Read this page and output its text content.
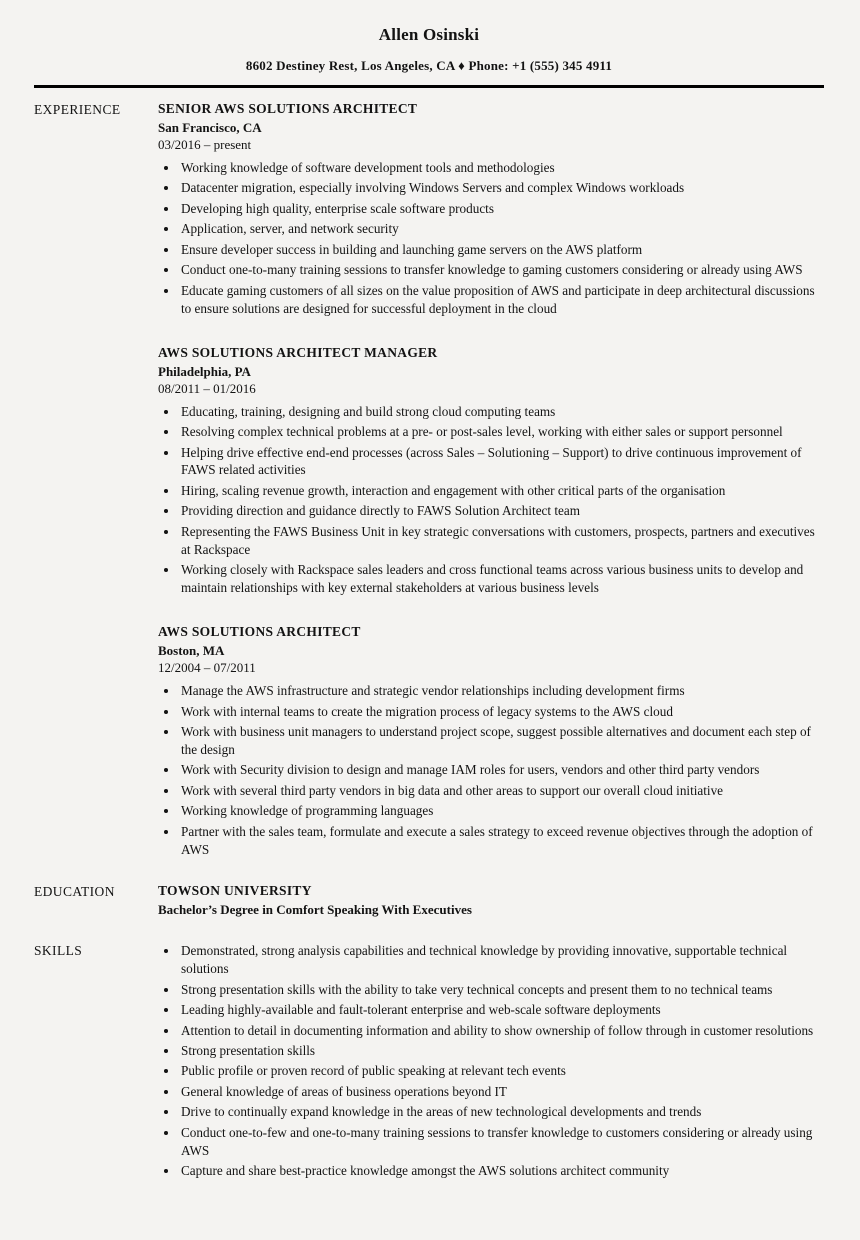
Allen Osinski
8602 Destiney Rest, Los Angeles, CA ♦ Phone: +1 (555) 345 4911
EXPERIENCE	SENIOR AWS SOLUTIONS ARCHITECT
San Francisco, CA
03/2016 – present
• Working knowledge of software development tools and methodologies
• Datacenter migration, especially involving Windows Servers and complex Windows workloads
• Developing high quality, enterprise scale software products
• Application, server, and network security
• Ensure developer success in building and launching game servers on the AWS platform
• Conduct one-to-many training sessions to transfer knowledge to gaming customers considering or already using AWS
• Educate gaming customers of all sizes on the value proposition of AWS and participate in deep architectural discussions to ensure solutions are designed for successful deployment in the cloud
AWS SOLUTIONS ARCHITECT MANAGER
Philadelphia, PA
08/2011 – 01/2016
• Educating, training, designing and build strong cloud computing teams
• Resolving complex technical problems at a pre- or post-sales level, working with either sales or support personnel
• Helping drive effective end-end processes (across Sales – Solutioning – Support) to drive continuous improvement of FAWS related activities
• Hiring, scaling revenue growth, interaction and engagement with other critical parts of the organisation
• Providing direction and guidance directly to FAWS Solution Architect team
• Representing the FAWS Business Unit in key strategic conversations with customers, prospects, partners and executives at Rackspace
• Working closely with Rackspace sales leaders and cross functional teams across various business units to develop and maintain relationships with key external stakeholders at various business levels
AWS SOLUTIONS ARCHITECT
Boston, MA
12/2004 – 07/2011
• Manage the AWS infrastructure and strategic vendor relationships including development firms
• Work with internal teams to create the migration process of legacy systems to the AWS cloud
• Work with business unit managers to understand project scope, suggest possible alternatives and document each step of the design
• Work with Security division to design and manage IAM roles for users, vendors and other third party vendors
• Work with several third party vendors in big data and other areas to support our overall cloud initiative
• Working knowledge of programming languages
• Partner with the sales team, formulate and execute a sales strategy to exceed revenue objectives through the adoption of AWS
EDUCATION	TOWSON UNIVERSITY
Bachelor’s Degree in Comfort Speaking With Executives
SKILLS	• Demonstrated, strong analysis capabilities and technical knowledge by providing innovative, supportable technical solutions
• Strong presentation skills with the ability to take very technical concepts and present them to no technical teams
• Leading highly-available and fault-tolerant enterprise and web-scale software deployments
• Attention to detail in documenting information and ability to show ownership of follow through in customer resolutions
• Strong presentation skills
• Public profile or proven record of public speaking at relevant tech events
• General knowledge of areas of business operations beyond IT
• Drive to continually expand knowledge in the areas of new technological developments and trends
• Conduct one-to-few and one-to-many training sessions to transfer knowledge to customers considering or already using AWS
• Capture and share best-practice knowledge amongst the AWS solutions architect community
